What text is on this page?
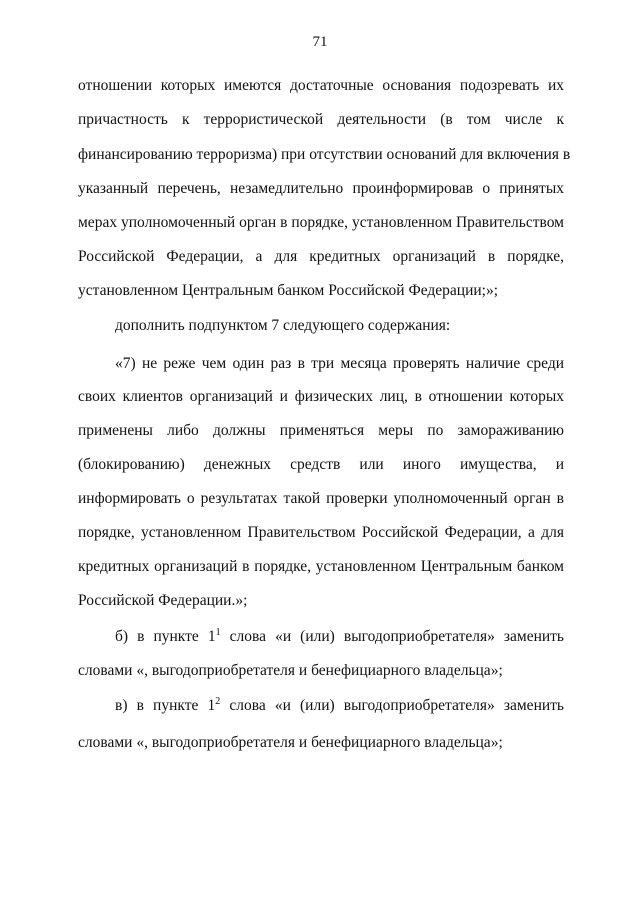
71
отношении которых имеются достаточные основания подозревать их
причастность к террористической деятельности (в том числе к
финансированию терроризма) при отсутствии оснований для включения в
указанный перечень, незамедлительно проинформировав о принятых
мерах уполномоченный орган в порядке, установленном Правительством
Российской Федерации, а для кредитных организаций в порядке,
установленном Центральным банком Российской Федерации;»;
дополнить подпунктом 7 следующего содержания:
«7) не реже чем один раз в три месяца проверять наличие среди
своих клиентов организаций и физических лиц, в отношении которых
применены либо должны применяться меры по замораживанию
(блокированию) денежных средств или иного имущества, и
информировать о результатах такой проверки уполномоченный орган в
порядке, установленном Правительством Российской Федерации, а для
кредитных организаций в порядке, установленном Центральным банком
Российской Федерации.»;
б) в пункте $1^1$ слова «и (или) выгодоприобретателя» заменить
словами «, выгодоприобретателя и бенефициарного владельца»;
в) в пункте $1^2$ слова «и (или) выгодоприобретателя» заменить
словами «, выгодоприобретателя и бенефициарного владельца»;
